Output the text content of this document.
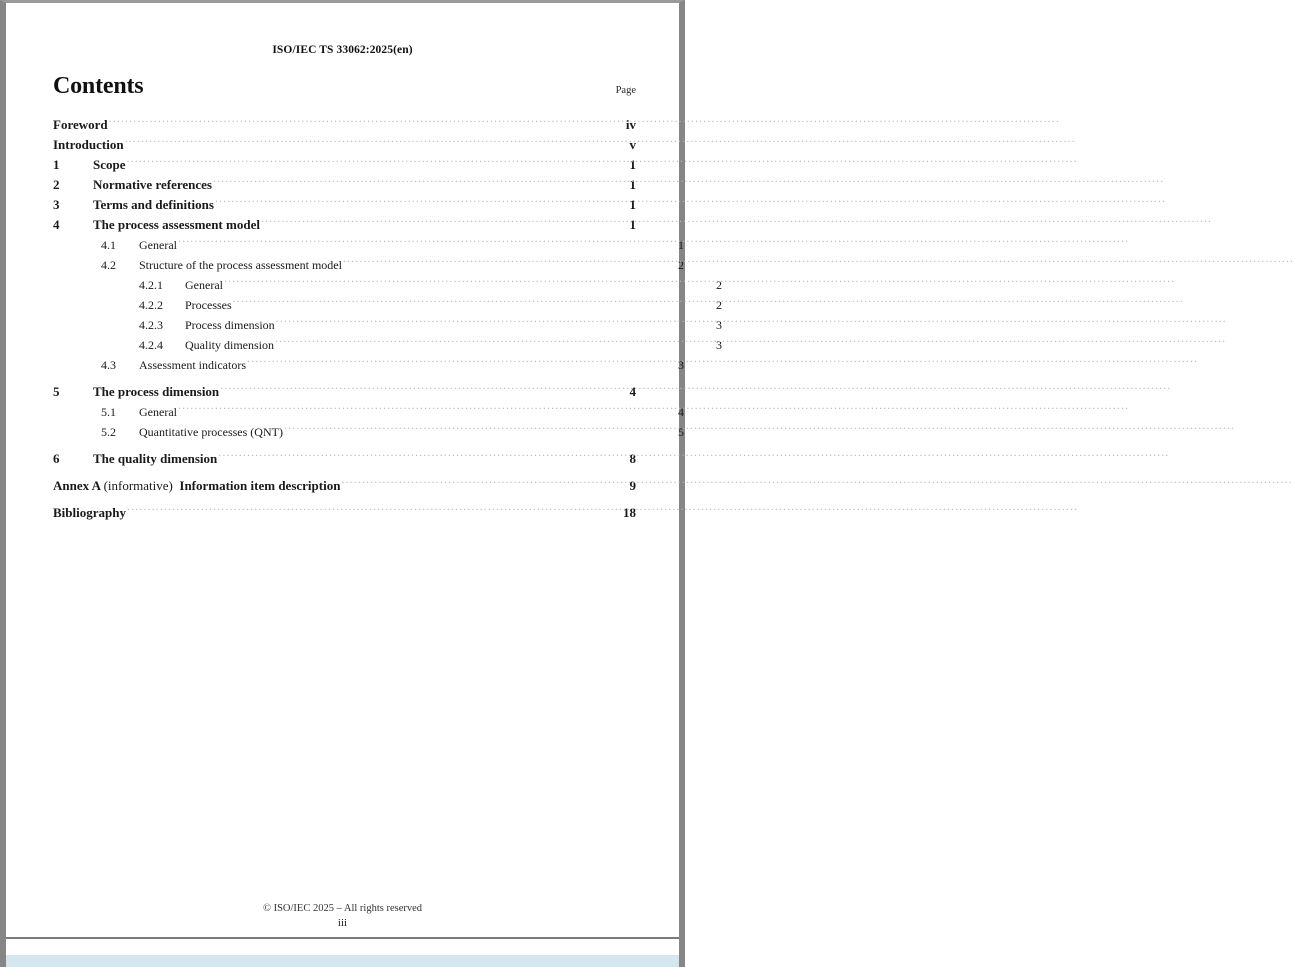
ISO/IEC TS 33062:2025(en)
Contents	Page
Foreword .....	iv
Introduction .....	v
1	Scope .....	1
2	Normative references .....	1
3	Terms and definitions .....	1
4	The process assessment model .....	1
4.1	General .....	1
4.2	Structure of the process assessment model .....	2
4.2.1	General .....	2
4.2.2	Processes .....	2
4.2.3	Process dimension .....	3
4.2.4	Quality dimension .....	3
4.3	Assessment indicators .....	3
5	The process dimension .....	4
5.1	General .....	4
5.2	Quantitative processes (QNT) .....	5
6	The quality dimension .....	8
Annex A (informative) Information item description .....	9
Bibliography .....	18
© ISO/IEC 2025 – All rights reserved
iii
